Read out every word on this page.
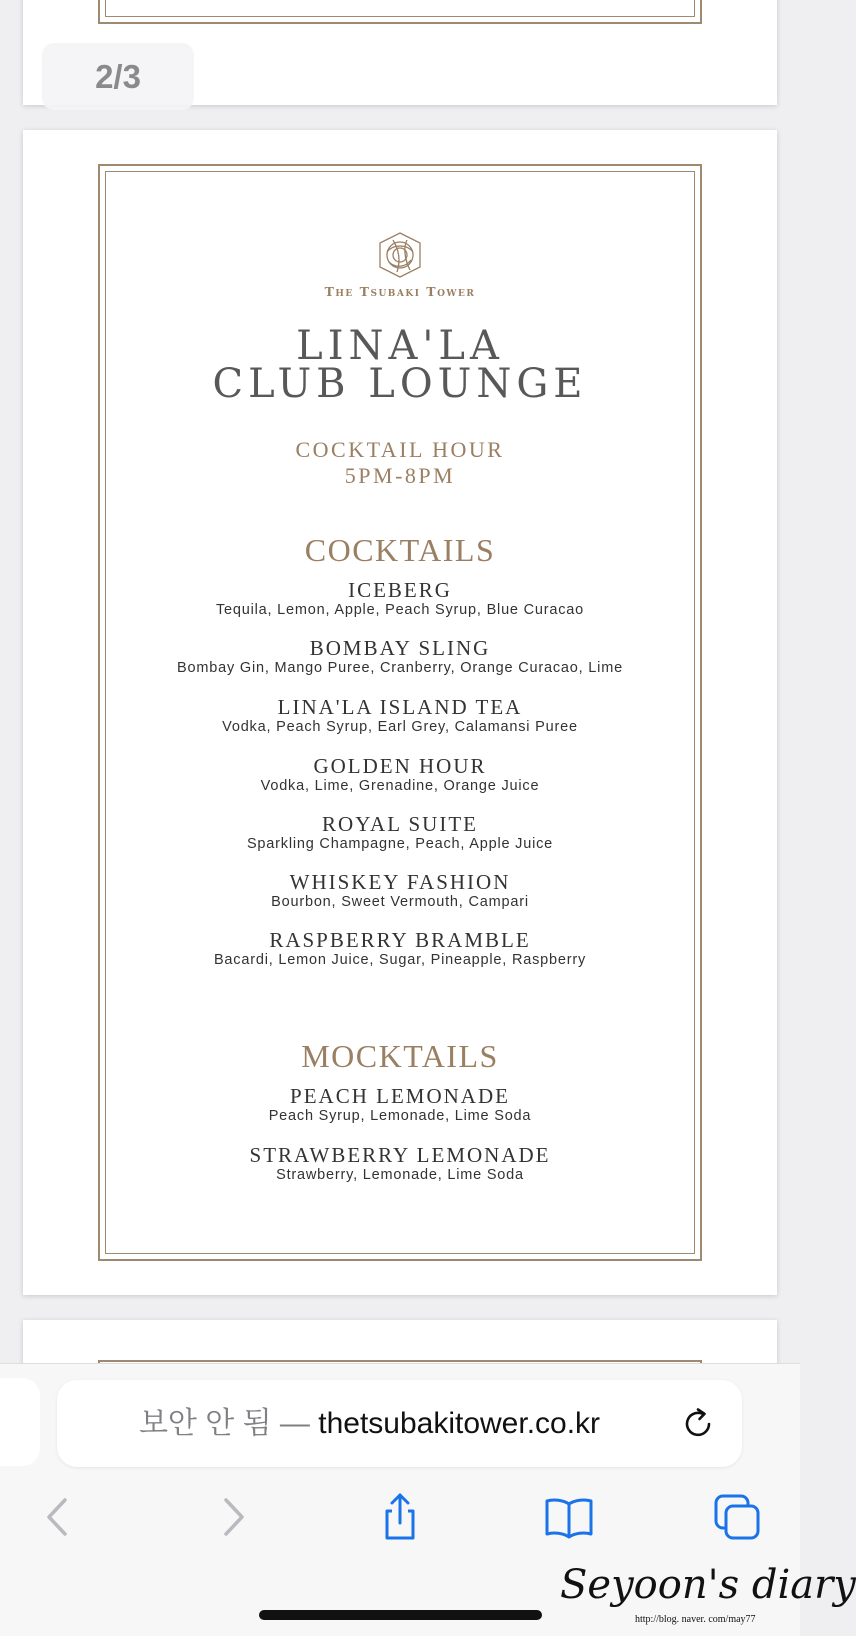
2/3
The Tsubaki Tower
LINA'LA
CLUB LOUNGE
COCKTAIL HOUR
5PM-8PM
COCKTAILS
ICEBERG
Tequila, Lemon, Apple, Peach Syrup, Blue Curacao
BOMBAY SLING
Bombay Gin, Mango Puree, Cranberry, Orange Curacao, Lime
LINA'LA ISLAND TEA
Vodka, Peach Syrup, Earl Grey, Calamansi Puree
GOLDEN HOUR
Vodka, Lime, Grenadine, Orange Juice
ROYAL SUITE
Sparkling Champagne, Peach, Apple Juice
WHISKEY FASHION
Bourbon, Sweet Vermouth, Campari
RASPBERRY BRAMBLE
Bacardi, Lemon Juice, Sugar, Pineapple, Raspberry
MOCKTAILS
PEACH LEMONADE
Peach Syrup, Lemonade, Lime Soda
STRAWBERRY LEMONADE
Strawberry, Lemonade, Lime Soda
보안 안 됨 — thetsubakitower.co.kr
Seyoon's diary
http://blog. naver. com/may77
